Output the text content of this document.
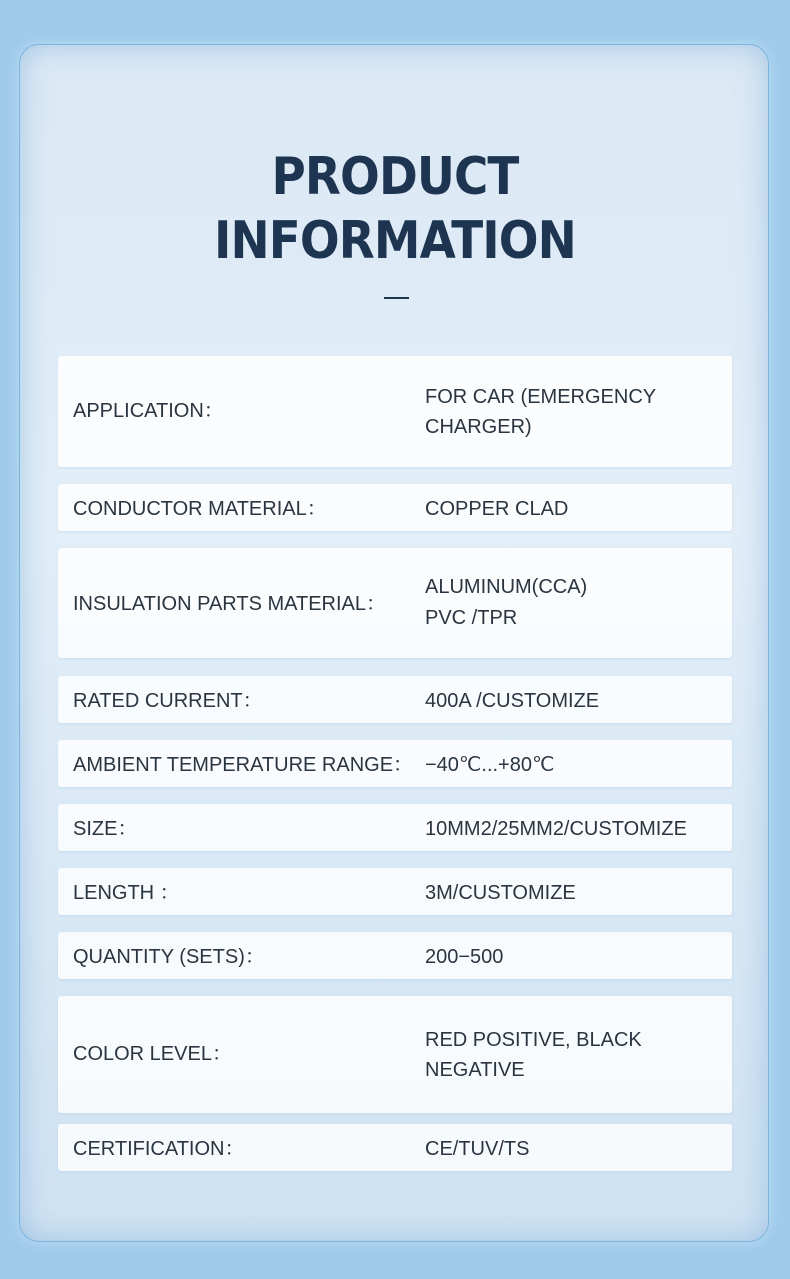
PRODUCT
INFORMATION
APPLICATION：
FOR CAR (EMERGENCY
CHARGER)
CONDUCTOR MATERIAL：	COPPER CLAD
INSULATION PARTS MATERIAL：
ALUMINUM(CCA)
PVC /TPR
RATED CURRENT：	400A /CUSTOMIZE
AMBIENT TEMPERATURE RANGE： −40℃...+80℃
SIZE：	10MM2/25MM2/CUSTOMIZE
LENGTH ：	3M/CUSTOMIZE
QUANTITY (SETS)：	200−500
COLOR LEVEL：
RED POSITIVE, BLACK
NEGATIVE
CERTIFICATION：	CE/TUV/TS
